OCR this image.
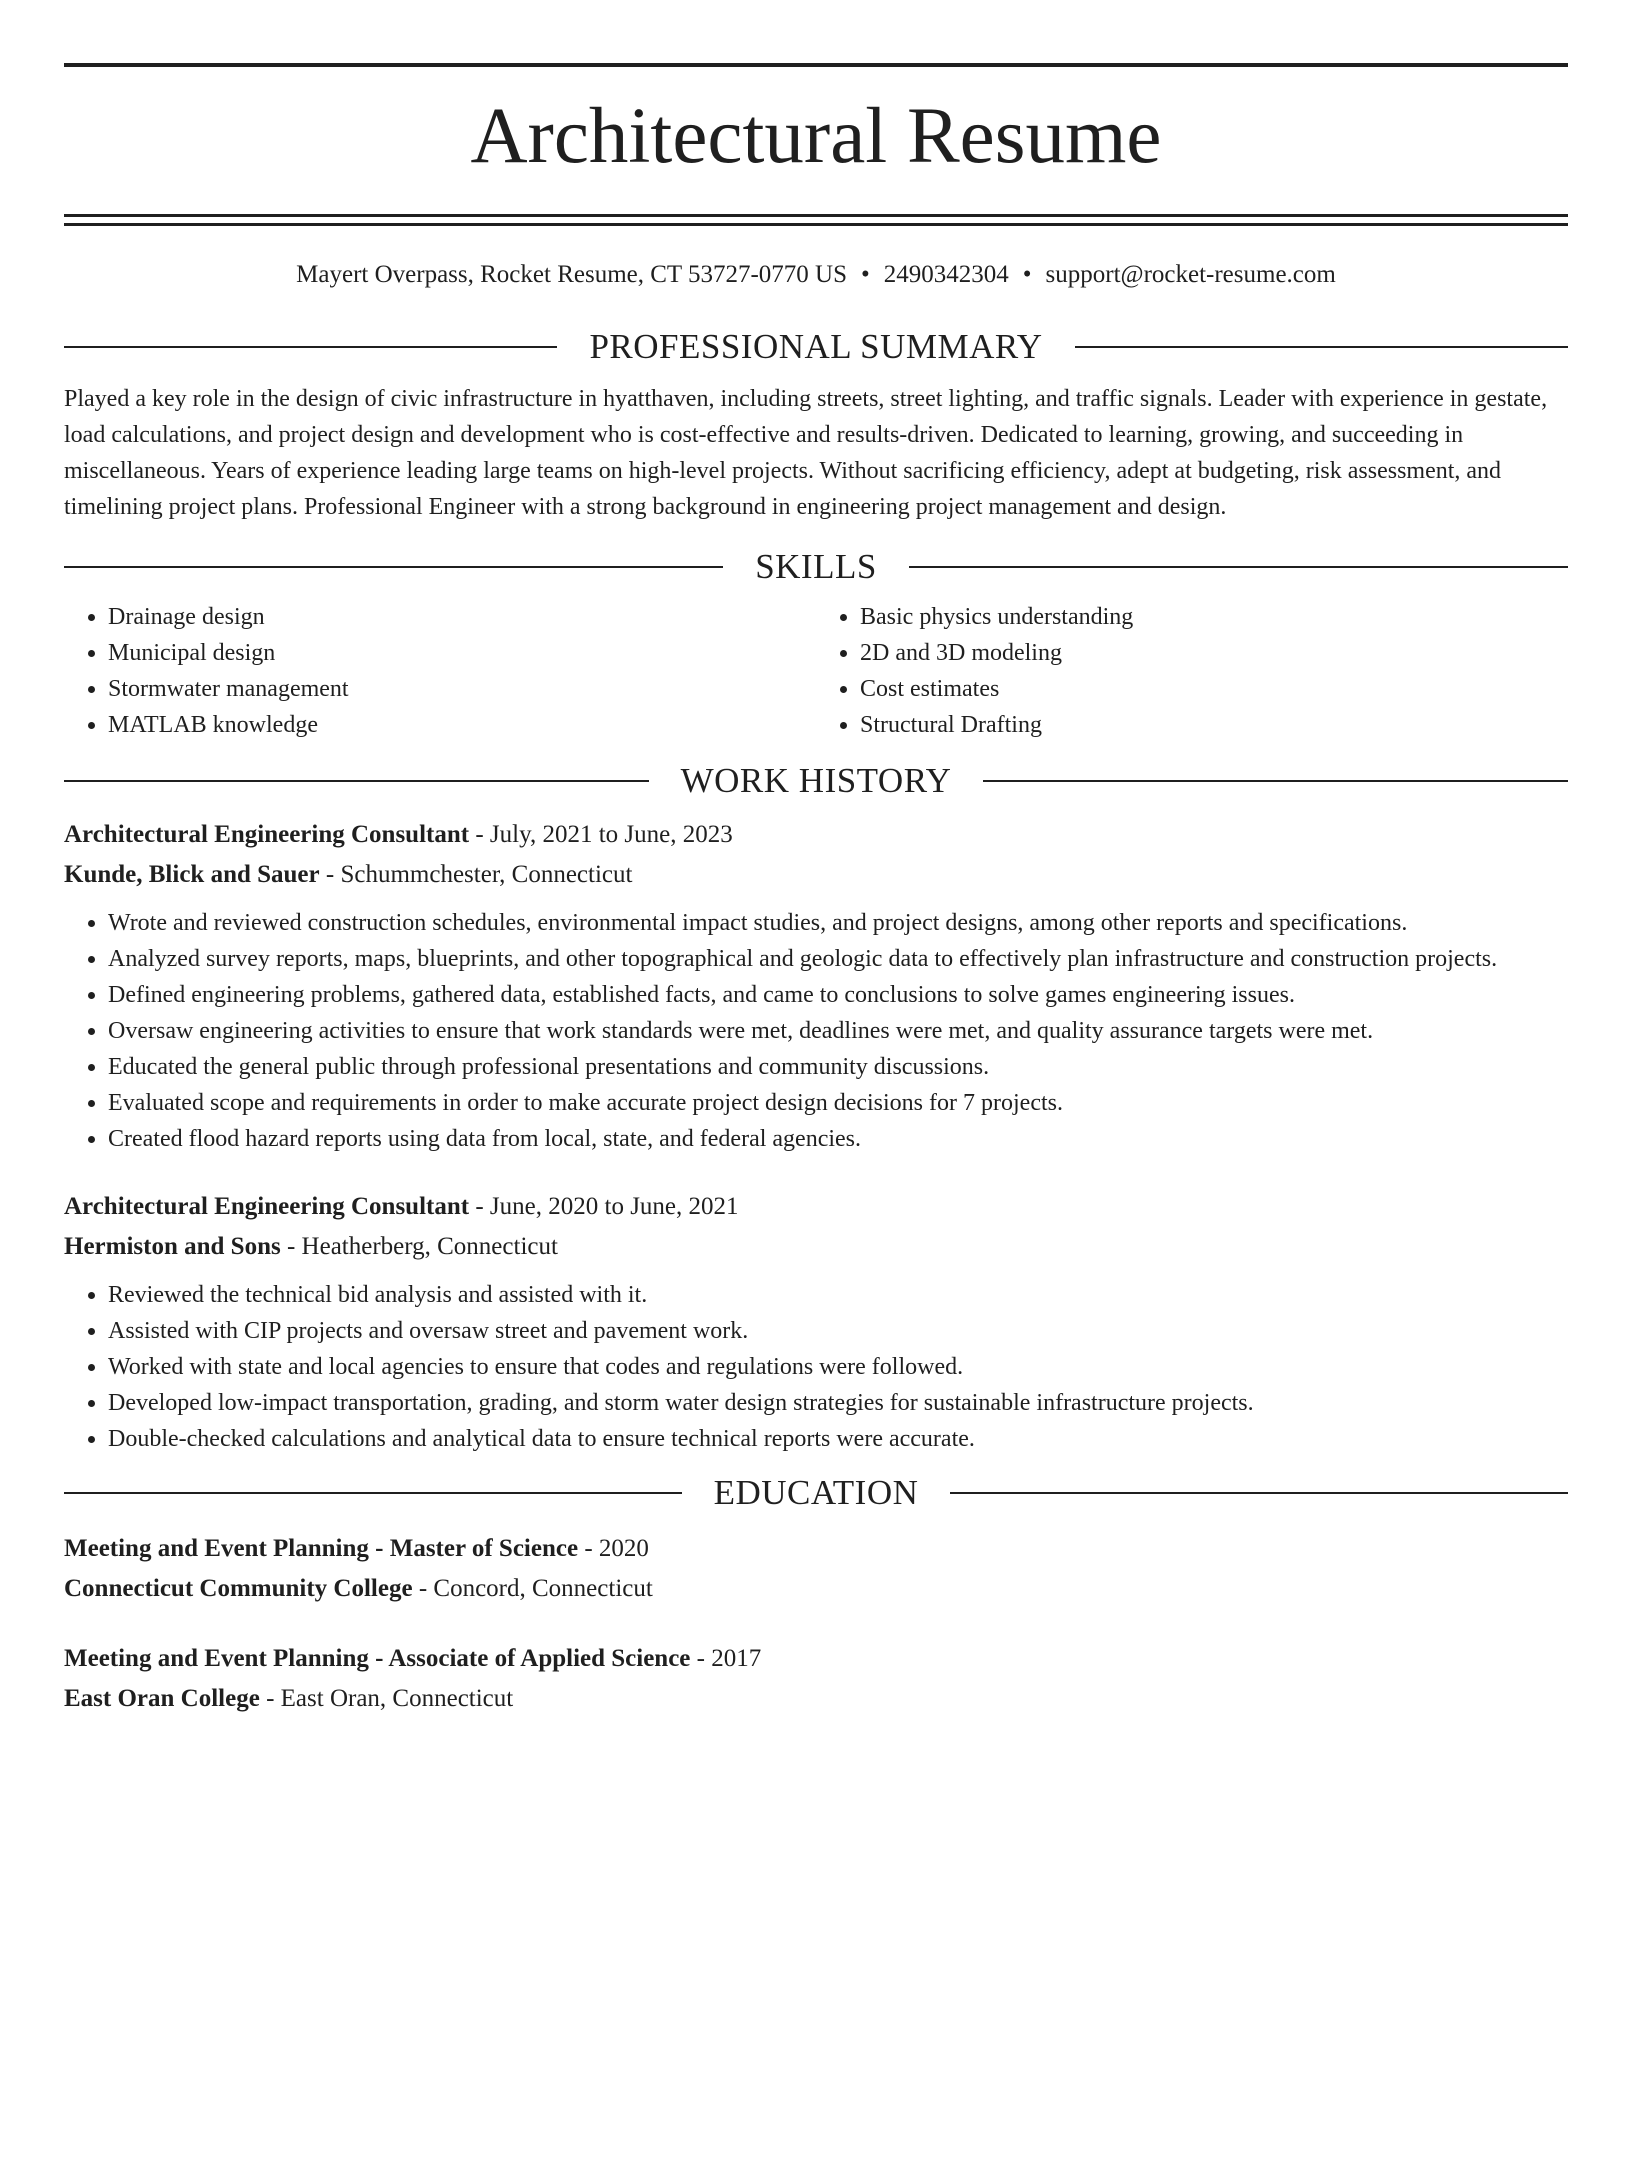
Architectural Resume
Mayert Overpass, Rocket Resume, CT 53727-0770 US • 2490342304 • support@rocket-resume.com
PROFESSIONAL SUMMARY

Played a key role in the design of civic infrastructure in hyatthaven, including streets, street lighting, and traffic signals. Leader with experience in gestate, load calculations, and project design and development who is cost-effective and results-driven. Dedicated to learning, growing, and succeeding in miscellaneous. Years of experience leading large teams on high-level projects. Without sacrificing efficiency, adept at budgeting, risk assessment, and timelining project plans. Professional Engineer with a strong background in engineering project management and design.

SKILLS
• Drainage design
• Municipal design
• Stormwater management
• MATLAB knowledge
• Basic physics understanding
• 2D and 3D modeling
• Cost estimates
• Structural Drafting
WORK HISTORY
Architectural Engineering Consultant - July, 2021 to June, 2023
Kunde, Blick and Sauer - Schummchester, Connecticut
• Wrote and reviewed construction schedules, environmental impact studies, and project designs, among other reports and specifications.
• Analyzed survey reports, maps, blueprints, and other topographical and geologic data to effectively plan infrastructure and construction projects.
• Defined engineering problems, gathered data, established facts, and came to conclusions to solve games engineering issues.
• Oversaw engineering activities to ensure that work standards were met, deadlines were met, and quality assurance targets were met.
• Educated the general public through professional presentations and community discussions.
• Evaluated scope and requirements in order to make accurate project design decisions for 7 projects.
• Created flood hazard reports using data from local, state, and federal agencies.
Architectural Engineering Consultant - June, 2020 to June, 2021
Hermiston and Sons - Heatherberg, Connecticut
• Reviewed the technical bid analysis and assisted with it.
• Assisted with CIP projects and oversaw street and pavement work.
• Worked with state and local agencies to ensure that codes and regulations were followed.
• Developed low-impact transportation, grading, and storm water design strategies for sustainable infrastructure projects.
• Double-checked calculations and analytical data to ensure technical reports were accurate.
EDUCATION
Meeting and Event Planning - Master of Science - 2020
Connecticut Community College - Concord, Connecticut
Meeting and Event Planning - Associate of Applied Science - 2017
East Oran College - East Oran, Connecticut
